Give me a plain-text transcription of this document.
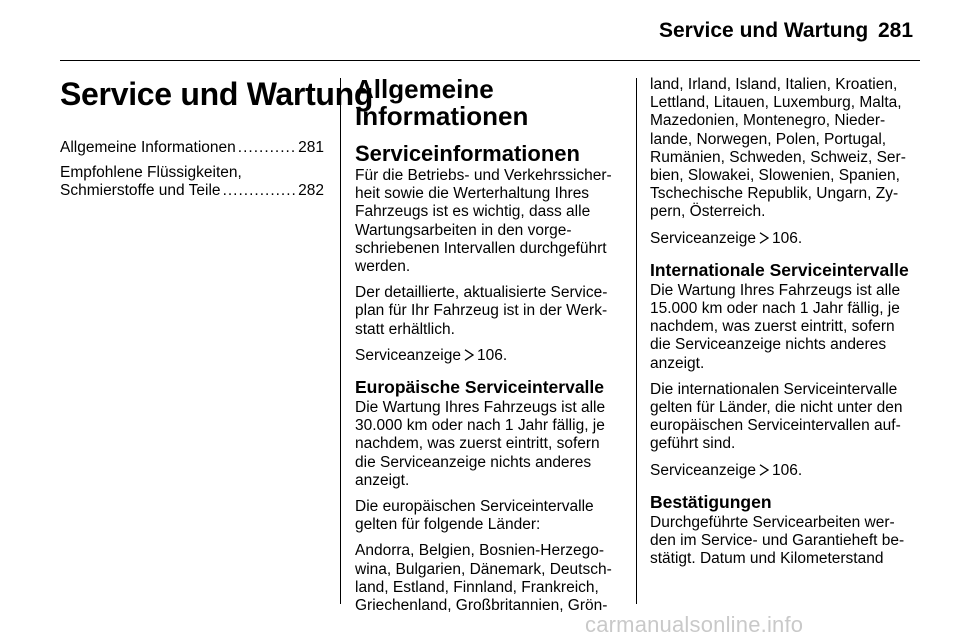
Service und Wartung 281
Service und Wartung
Allgemeine Informationen .....	281
Empfohlene Flüssigkeiten,
Schmierstoffe und Teile .....	282
Allgemeine
Informationen
Serviceinformationen
Für die Betriebs- und Verkehrssicher-
heit sowie die Werterhaltung Ihres
Fahrzeugs ist es wichtig, dass alle
Wartungsarbeiten in den vorge-
schriebenen Intervallen durchgeführt
werden.
Der detaillierte, aktualisierte Service-
plan für Ihr Fahrzeug ist in der Werk-
statt erhältlich.
Serviceanzeige 106.
Europäische Serviceintervalle
Die Wartung Ihres Fahrzeugs ist alle
30.000 km oder nach 1 Jahr fällig, je
nachdem, was zuerst eintritt, sofern
die Serviceanzeige nichts anderes
anzeigt.
Die europäischen Serviceintervalle
gelten für folgende Länder:
Andorra, Belgien, Bosnien-Herzego-
wina, Bulgarien, Dänemark, Deutsch-
land, Estland, Finnland, Frankreich,
Griechenland, Großbritannien, Grön-
land, Irland, Island, Italien, Kroatien,
Lettland, Litauen, Luxemburg, Malta,
Mazedonien, Montenegro, Nieder-
lande, Norwegen, Polen, Portugal,
Rumänien, Schweden, Schweiz, Ser-
bien, Slowakei, Slowenien, Spanien,
Tschechische Republik, Ungarn, Zy-
pern, Österreich.
Serviceanzeige 106.
Internationale Serviceintervalle
Die Wartung Ihres Fahrzeugs ist alle
15.000 km oder nach 1 Jahr fällig, je
nachdem, was zuerst eintritt, sofern
die Serviceanzeige nichts anderes
anzeigt.
Die internationalen Serviceintervalle
gelten für Länder, die nicht unter den
europäischen Serviceintervallen auf-
geführt sind.
Serviceanzeige 106.
Bestätigungen
Durchgeführte Servicearbeiten wer-
den im Service- und Garantieheft be-
stätigt. Datum und Kilometerstand
carmanualsonline.info
